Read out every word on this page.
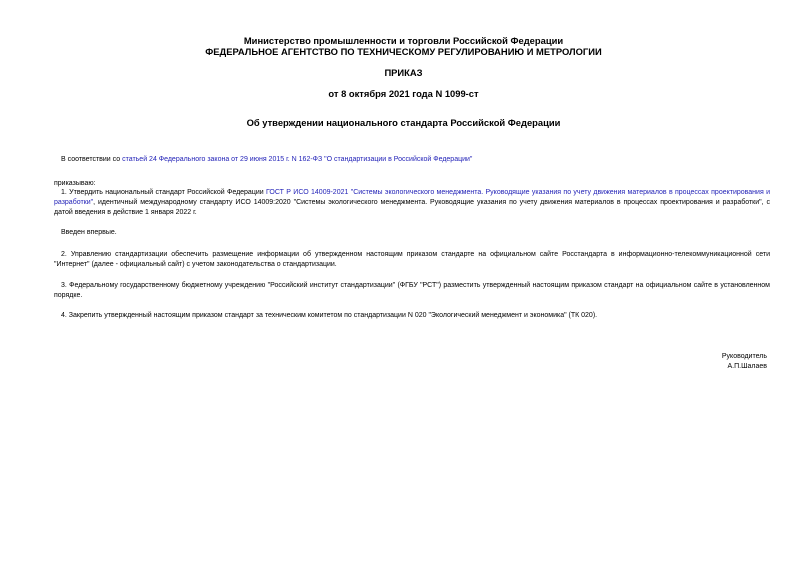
Министерство промышленности и торговли Российской Федерации
ФЕДЕРАЛЬНОЕ АГЕНТСТВО ПО ТЕХНИЧЕСКОМУ РЕГУЛИРОВАНИЮ И МЕТРОЛОГИИ
ПРИКАЗ
от 8 октября 2021 года N 1099-ст
Об утверждении национального стандарта Российской Федерации
В соответствии со статьей 24 Федерального закона от 29 июня 2015 г. N 162-ФЗ "О стандартизации в Российской Федерации"
приказываю:
1. Утвердить национальный стандарт Российской Федерации ГОСТ Р ИСО 14009-2021 "Системы экологического менеджмента. Руководящие указания по учету движения материалов в процессах проектирования и разработки", идентичный международному стандарту ИСО 14009:2020 "Системы экологического менеджмента. Руководящие указания по учету движения материалов в процессах проектирования и разработки", с датой введения в действие 1 января 2022 г.
Введен впервые.
2. Управлению стандартизации обеспечить размещение информации об утвержденном настоящим приказом стандарте на официальном сайте Росстандарта в информационно-телекоммуникационной сети "Интернет" (далее - официальный сайт) с учетом законодательства о стандартизации.
3. Федеральному государственному бюджетному учреждению "Российский институт стандартизации" (ФГБУ "РСТ") разместить утвержденный настоящим приказом стандарт на официальном сайте в установленном порядке.
4. Закрепить утвержденный настоящим приказом стандарт за техническим комитетом по стандартизации N 020 "Экологический менеджмент и экономика" (ТК 020).
Руководитель
А.П.Шалаев
